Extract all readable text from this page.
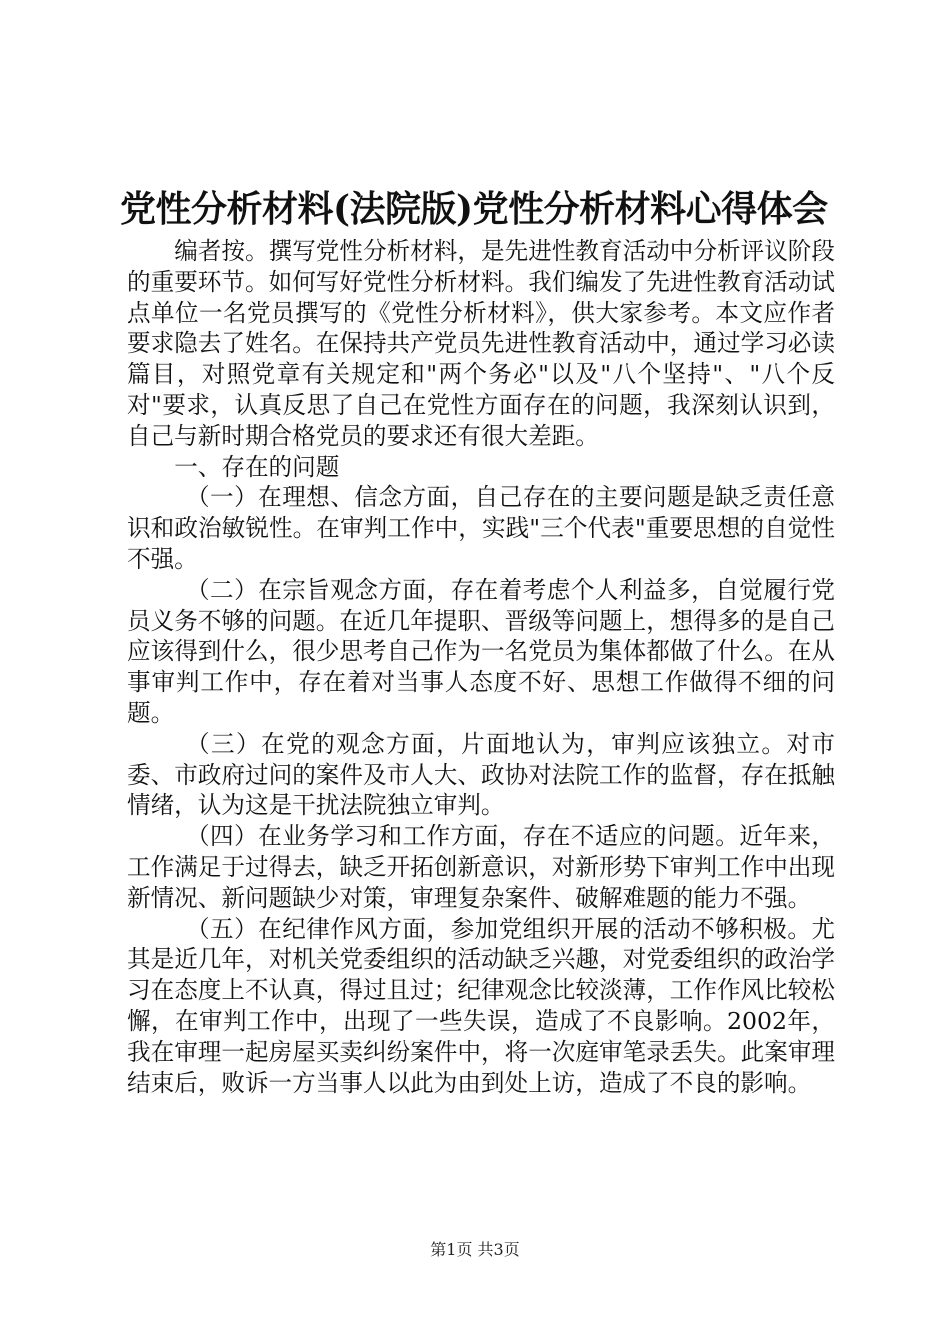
党性分析材料(法院版)党性分析材料心得体会

编者按。撰写党性分析材料，是先进性教育活动中分析评议阶段的重要环节。如何写好党性分析材料。我们编发了先进性教育活动试点单位一名党员撰写的《党性分析材料》，供大家参考。本文应作者要求隐去了姓名。在保持共产党员先进性教育活动中，通过学习必读篇目，对照党章有关规定和"两个务必"以及"八个坚持"、"八个反对"要求，认真反思了自己在党性方面存在的问题，我深刻认识到，自己与新时期合格党员的要求还有很大差距。

一、存在的问题

（一）在理想、信念方面，自己存在的主要问题是缺乏责任意识和政治敏锐性。在审判工作中，实践"三个代表"重要思想的自觉性不强。

（二）在宗旨观念方面，存在着考虑个人利益多，自觉履行党员义务不够的问题。在近几年提职、晋级等问题上，想得多的是自己应该得到什么，很少思考自己作为一名党员为集体都做了什么。在从事审判工作中，存在着对当事人态度不好、思想工作做得不细的问题。

（三）在党的观念方面，片面地认为，审判应该独立。对市委、市政府过问的案件及市人大、政协对法院工作的监督，存在抵触情绪，认为这是干扰法院独立审判。

（四）在业务学习和工作方面，存在不适应的问题。近年来，工作满足于过得去，缺乏开拓创新意识，对新形势下审判工作中出现新情况、新问题缺少对策，审理复杂案件、破解难题的能力不强。

（五）在纪律作风方面，参加党组织开展的活动不够积极。尤其是近几年，对机关党委组织的活动缺乏兴趣，对党委组织的政治学习在态度上不认真，得过且过；纪律观念比较淡薄，工作作风比较松懈，在审判工作中，出现了一些失误，造成了不良影响。2002年，我在审理一起房屋买卖纠纷案件中，将一次庭审笔录丢失。此案审理结束后，败诉一方当事人以此为由到处上访，造成了不良的影响。

第1页 共3页
